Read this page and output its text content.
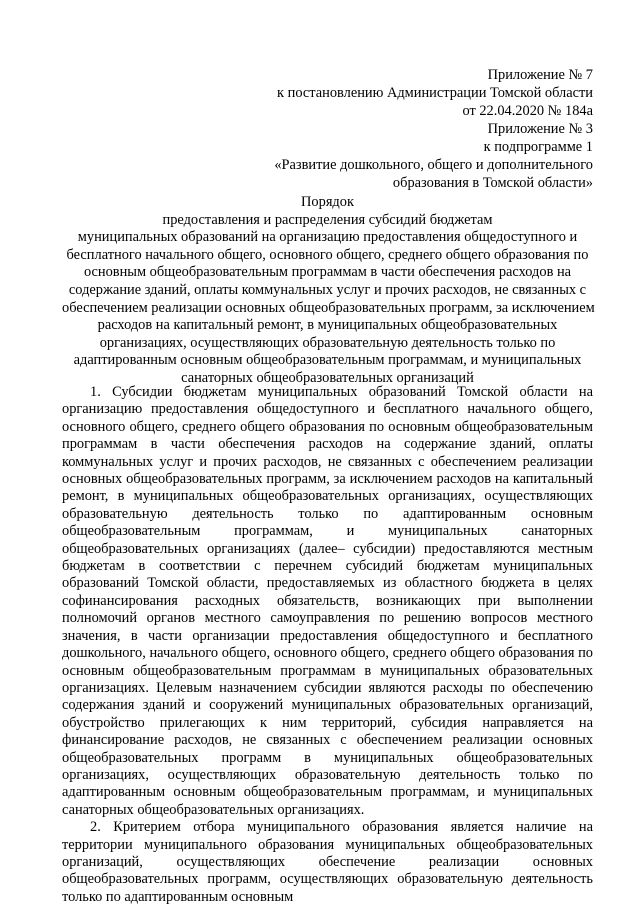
Приложение № 7
к постановлению Администрации Томской области
от 22.04.2020 № 184а
Приложение № 3
к подпрограмме 1
«Развитие дошкольного, общего и дополнительного
образования в Томской области»
Порядок
предоставления и распределения субсидий бюджетам
муниципальных образований на организацию предоставления общедоступного и
бесплатного начального общего, основного общего, среднего общего образования по
основным общеобразовательным программам в части обеспечения расходов на
содержание зданий, оплаты коммунальных услуг и прочих расходов, не связанных с
обеспечением реализации основных общеобразовательных программ, за исключением
расходов на капитальный ремонт, в муниципальных общеобразовательных
организациях, осуществляющих образовательную деятельность только по
адаптированным основным общеобразовательным программам, и муниципальных
санаторных общеобразовательных организаций

1. Субсидии бюджетам муниципальных образований Томской области на организацию предоставления общедоступного и бесплатного начального общего, основного общего, среднего общего образования по основным общеобразовательным программам в части обеспечения расходов на содержание зданий, оплаты коммунальных услуг и прочих расходов, не связанных с обеспечением реализации основных общеобразовательных программ, за исключением расходов на капитальный ремонт, в муниципальных общеобразовательных организациях, осуществляющих образовательную деятельность только по адаптированным основным общеобразовательным программам, и муниципальных санаторных общеобразовательных организациях (далее– субсидии) предоставляются местным бюджетам в соответствии с перечнем субсидий бюджетам муниципальных образований Томской области, предоставляемых из областного бюджета в целях софинансирования расходных обязательств, возникающих при выполнении полномочий органов местного самоуправления по решению вопросов местного значения, в части организации предоставления общедоступного и бесплатного дошкольного, начального общего, основного общего, среднего общего образования по основным общеобразовательным программам в муниципальных образовательных организациях. Целевым назначением субсидии являются расходы по обеспечению содержания зданий и сооружений муниципальных образовательных организаций, обустройство прилегающих к ним территорий, субсидия направляется на финансирование расходов, не связанных с обеспечением реализации основных общеобразовательных программ в муниципальных общеобразовательных организациях, осуществляющих образовательную деятельность только по адаптированным основным общеобразовательным программам, и муниципальных санаторных общеобразовательных организациях.

2. Критерием отбора муниципального образования является наличие на территории муниципального образования муниципальных общеобразовательных организаций, осуществляющих обеспечение реализации основных общеобразовательных программ, осуществляющих образовательную деятельность только по адаптированным основным
